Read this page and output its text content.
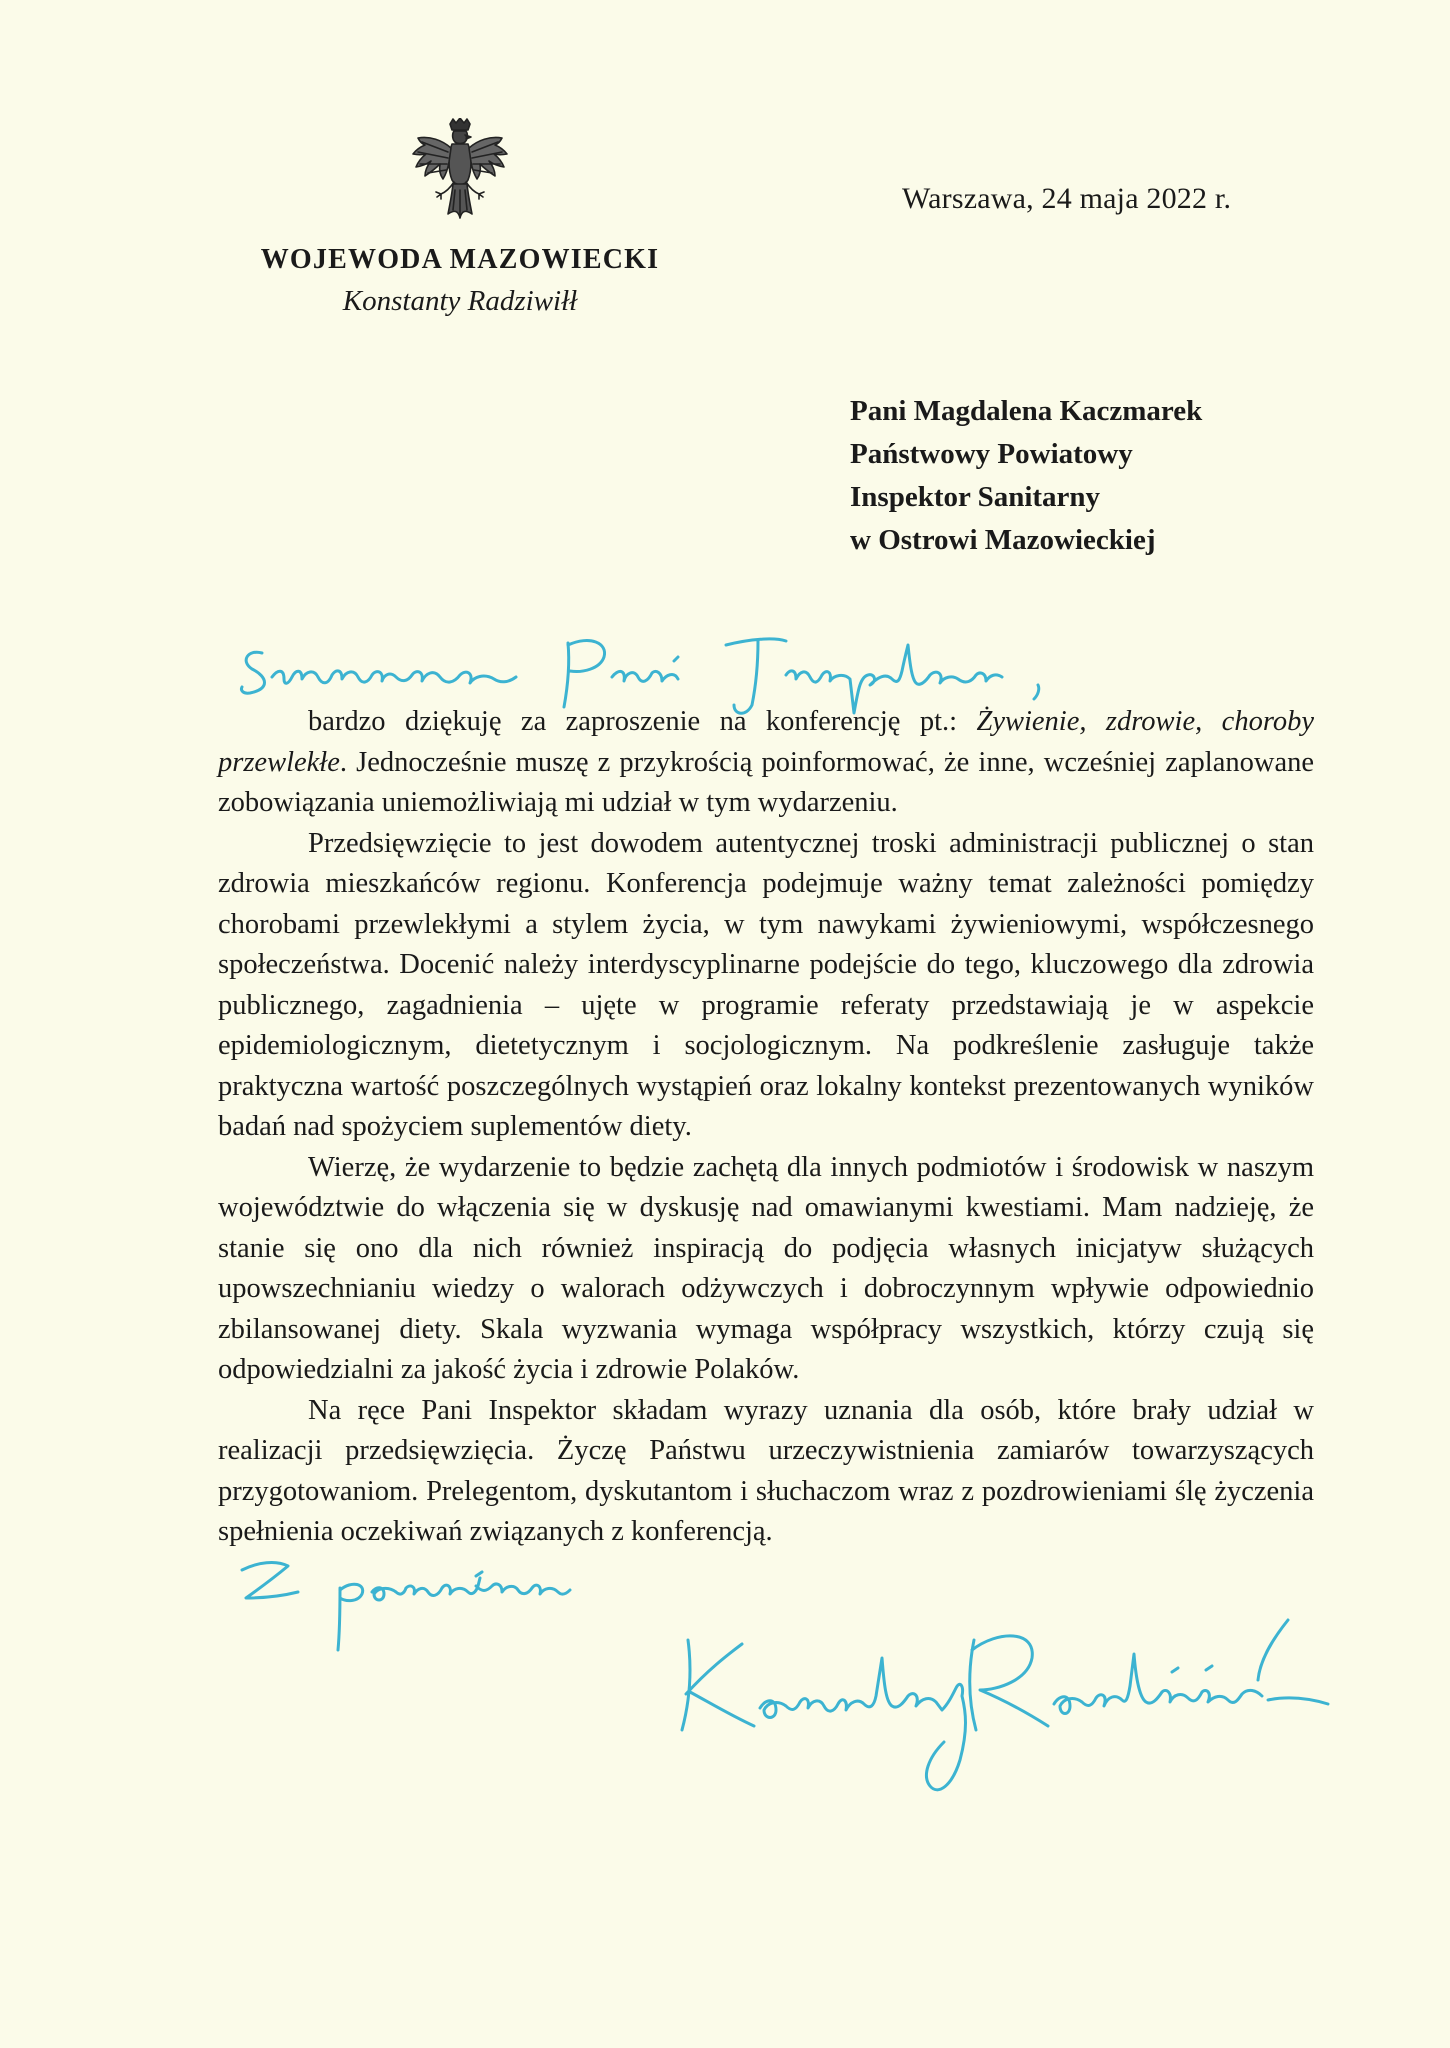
Warszawa, 24 maja 2022 r.
WOJEWODA MAZOWIECKI
Konstanty Radziwiłł
Pani Magdalena Kaczmarek
Państwowy Powiatowy
Inspektor Sanitarny
w Ostrowi Mazowieckiej

bardzo dziękuję za zaproszenie na konferencję pt.: Żywienie, zdrowie, choroby przewlekłe. Jednocześnie muszę z przykrością poinformować, że inne, wcześniej zaplanowane zobowiązania uniemożliwiają mi udział w tym wydarzeniu.

Przedsięwzięcie to jest dowodem autentycznej troski administracji publicznej o stan zdrowia mieszkańców regionu. Konferencja podejmuje ważny temat zależności pomiędzy chorobami przewlekłymi a stylem życia, w tym nawykami żywieniowymi, współczesnego społeczeństwa. Docenić należy interdyscyplinarne podejście do tego, kluczowego dla zdrowia publicznego, zagadnienia – ujęte w programie referaty przedstawiają je w aspekcie epidemiologicznym, dietetycznym i socjologicznym. Na podkreślenie zasługuje także praktyczna wartość poszczególnych wystąpień oraz lokalny kontekst prezentowanych wyników badań nad spożyciem suplementów diety.

Wierzę, że wydarzenie to będzie zachętą dla innych podmiotów i środowisk w naszym województwie do włączenia się w dyskusję nad omawianymi kwestiami. Mam nadzieję, że stanie się ono dla nich również inspiracją do podjęcia własnych inicjatyw służących upowszechnianiu wiedzy o walorach odżywczych i dobroczynnym wpływie odpowiednio zbilansowanej diety. Skala wyzwania wymaga współpracy wszystkich, którzy czują się odpowiedzialni za jakość życia i zdrowie Polaków.

Na ręce Pani Inspektor składam wyrazy uznania dla osób, które brały udział w realizacji przedsięwzięcia. Życzę Państwu urzeczywistnienia zamiarów towarzyszących przygotowaniom. Prelegentom, dyskutantom i słuchaczom wraz z pozdrowieniami ślę życzenia spełnienia oczekiwań związanych z konferencją.
